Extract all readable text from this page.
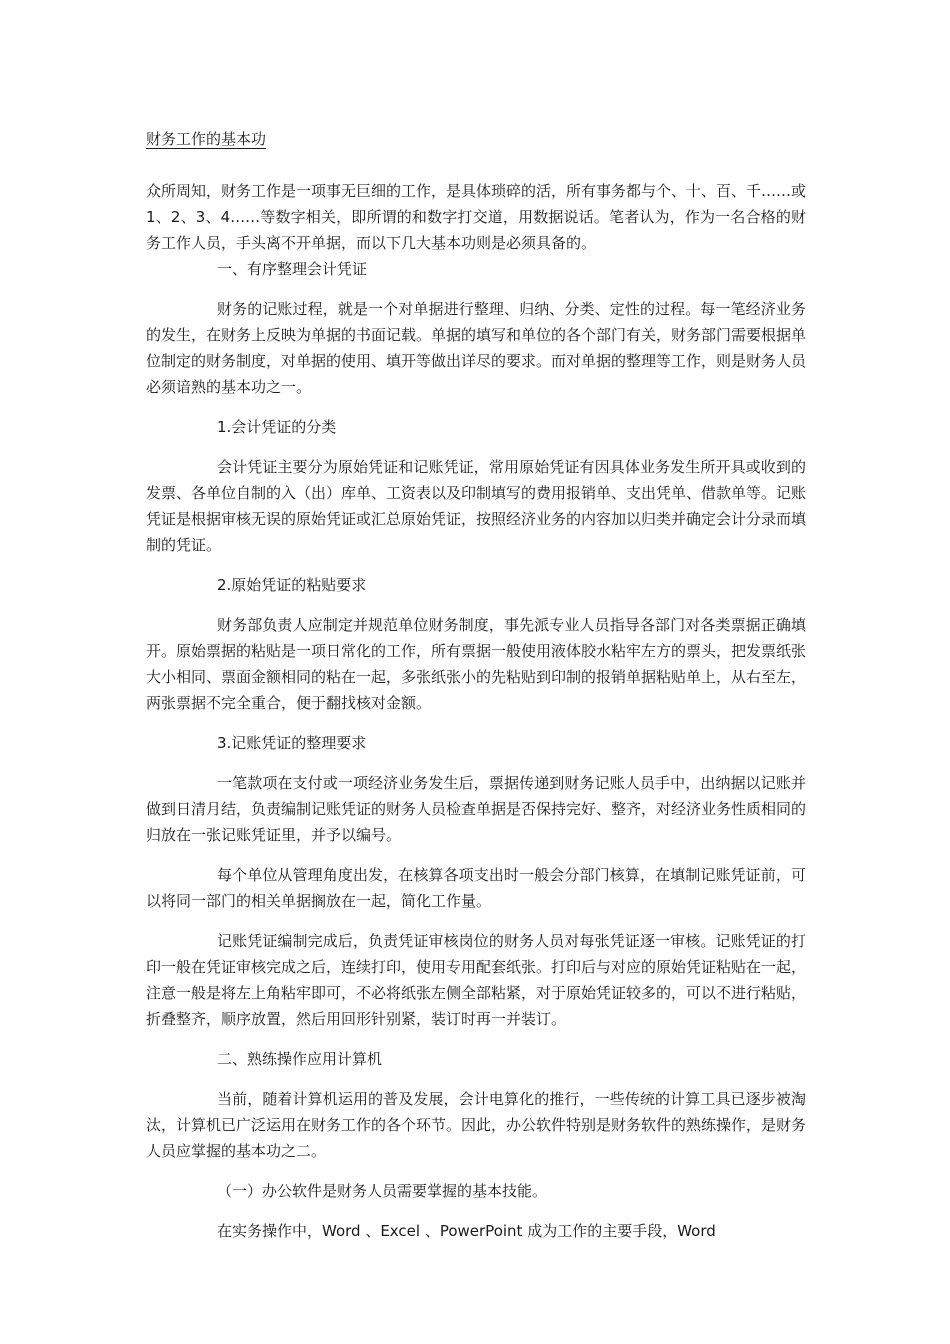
财务工作的基本功

众所周知，财务工作是一项事无巨细的工作，是具体琐碎的活，所有事务都与个、十、百、千……或1、2、3、4……等数字相关，即所谓的和数字打交道，用数据说话。笔者认为，作为一名合格的财务工作人员，手头离不开单据，而以下几大基本功则是必须具备的。

一、有序整理会计凭证

财务的记账过程，就是一个对单据进行整理、归纳、分类、定性的过程。每一笔经济业务的发生，在财务上反映为单据的书面记载。单据的填写和单位的各个部门有关，财务部门需要根据单位制定的财务制度，对单据的使用、填开等做出详尽的要求。而对单据的整理等工作，则是财务人员必须谙熟的基本功之一。

1.会计凭证的分类

会计凭证主要分为原始凭证和记账凭证，常用原始凭证有因具体业务发生所开具或收到的发票、各单位自制的入（出）库单、工资表以及印制填写的费用报销单、支出凭单、借款单等。记账凭证是根据审核无误的原始凭证或汇总原始凭证，按照经济业务的内容加以归类并确定会计分录而填制的凭证。

2.原始凭证的粘贴要求

财务部负责人应制定并规范单位财务制度，事先派专业人员指导各部门对各类票据正确填开。原始票据的粘贴是一项日常化的工作，所有票据一般使用液体胶水粘牢左方的票头，把发票纸张大小相同、票面金额相同的粘在一起，多张纸张小的先粘贴到印制的报销单据粘贴单上，从右至左，两张票据不完全重合，便于翻找核对金额。

3.记账凭证的整理要求

一笔款项在支付或一项经济业务发生后，票据传递到财务记账人员手中，出纳据以记账并做到日清月结，负责编制记账凭证的财务人员检查单据是否保持完好、整齐，对经济业务性质相同的归放在一张记账凭证里，并予以编号。

每个单位从管理角度出发，在核算各项支出时一般会分部门核算，在填制记账凭证前，可以将同一部门的相关单据搁放在一起，简化工作量。

记账凭证编制完成后，负责凭证审核岗位的财务人员对每张凭证逐一审核。记账凭证的打印一般在凭证审核完成之后，连续打印，使用专用配套纸张。打印后与对应的原始凭证粘贴在一起，注意一般是将左上角粘牢即可，不必将纸张左侧全部粘紧，对于原始凭证较多的，可以不进行粘贴，折叠整齐，顺序放置，然后用回形针别紧，装订时再一并装订。

二、熟练操作应用计算机

当前，随着计算机运用的普及发展，会计电算化的推行，一些传统的计算工具已逐步被淘汰，计算机已广泛运用在财务工作的各个环节。因此，办公软件特别是财务软件的熟练操作，是财务人员应掌握的基本功之二。

（一）办公软件是财务人员需要掌握的基本技能。

在实务操作中，Word 、Excel 、PowerPoint 成为工作的主要手段，Word
